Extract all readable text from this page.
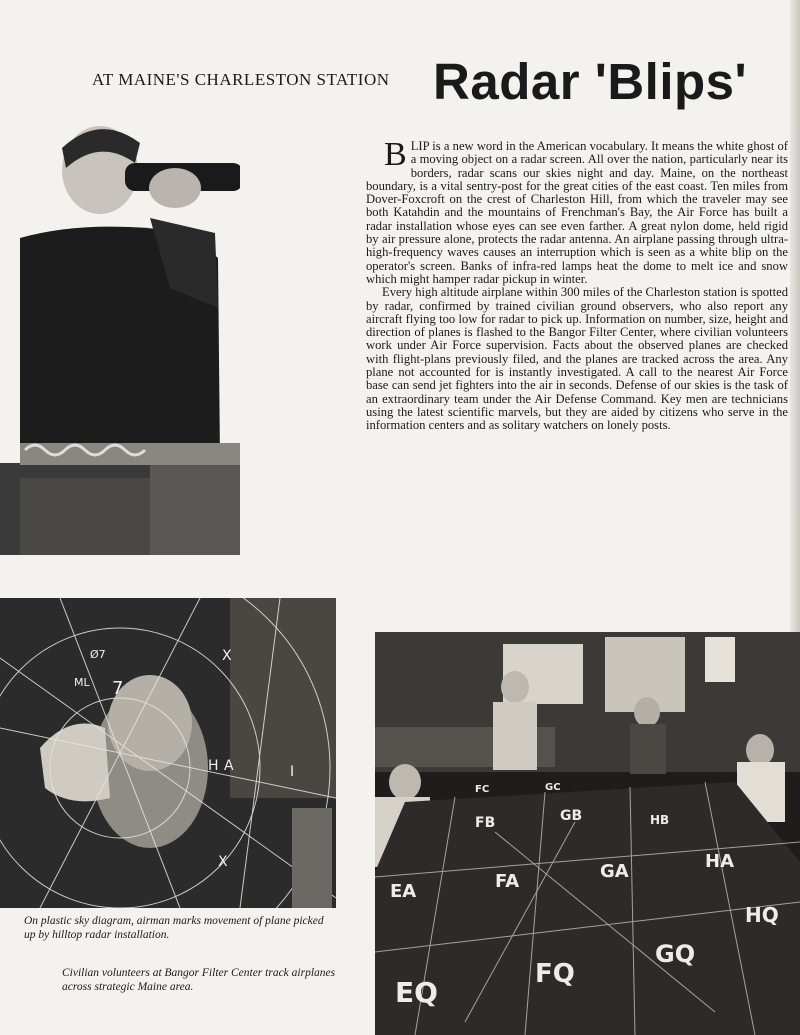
AT MAINE'S CHARLESTON STATION Radar 'Blips'

BLIP is a new word in the American vocabulary. It means the white ghost of a moving object on a radar screen. All over the nation, particularly near its borders, radar scans our skies night and day. Maine, on the northeast boundary, is a vital sentry-post for the great cities of the east coast. Ten miles from Dover-Foxcroft on the crest of Charleston Hill, from which the traveler may see both Katahdin and the mountains of Frenchman's Bay, the Air Force has built a radar installation whose eyes can see even farther. A great nylon dome, held rigid by air pressure alone, protects the radar antenna. An airplane passing through ultra-high-frequency waves causes an interruption which is seen as a white blip on the operator's screen. Banks of infra-red lamps heat the dome to melt ice and snow which might hamper radar pickup in winter.

Every high altitude airplane within 300 miles of the Charleston station is spotted by radar, confirmed by trained civilian ground observers, who also report any aircraft flying too low for radar to pick up. Information on number, size, height and direction of planes is flashed to the Bangor Filter Center, where civilian volunteers work under Air Force supervision. Facts about the observed planes are checked with flight-plans previously filed, and the planes are tracked across the area. Any plane not accounted for is instantly investigated. A call to the nearest Air Force base can send jet fighters into the air in seconds. Defense of our skies is the task of an extraordinary team under the Air Defense Command. Key men are technicians using the latest scientific marvels, but they are aided by citizens who serve in the information centers and as solitary watchers on lonely posts.

H A	I
X
X
7
ML
Ø7
On plastic sky diagram, airman marks movement of plane picked up by hilltop radar installation.
Civilian volunteers at Bangor Filter Center track airplanes across strategic Maine area.
FC	GC
FB	GB	HB
EA	FA	GA	HA
EQ
FQ
GQ
HQ
